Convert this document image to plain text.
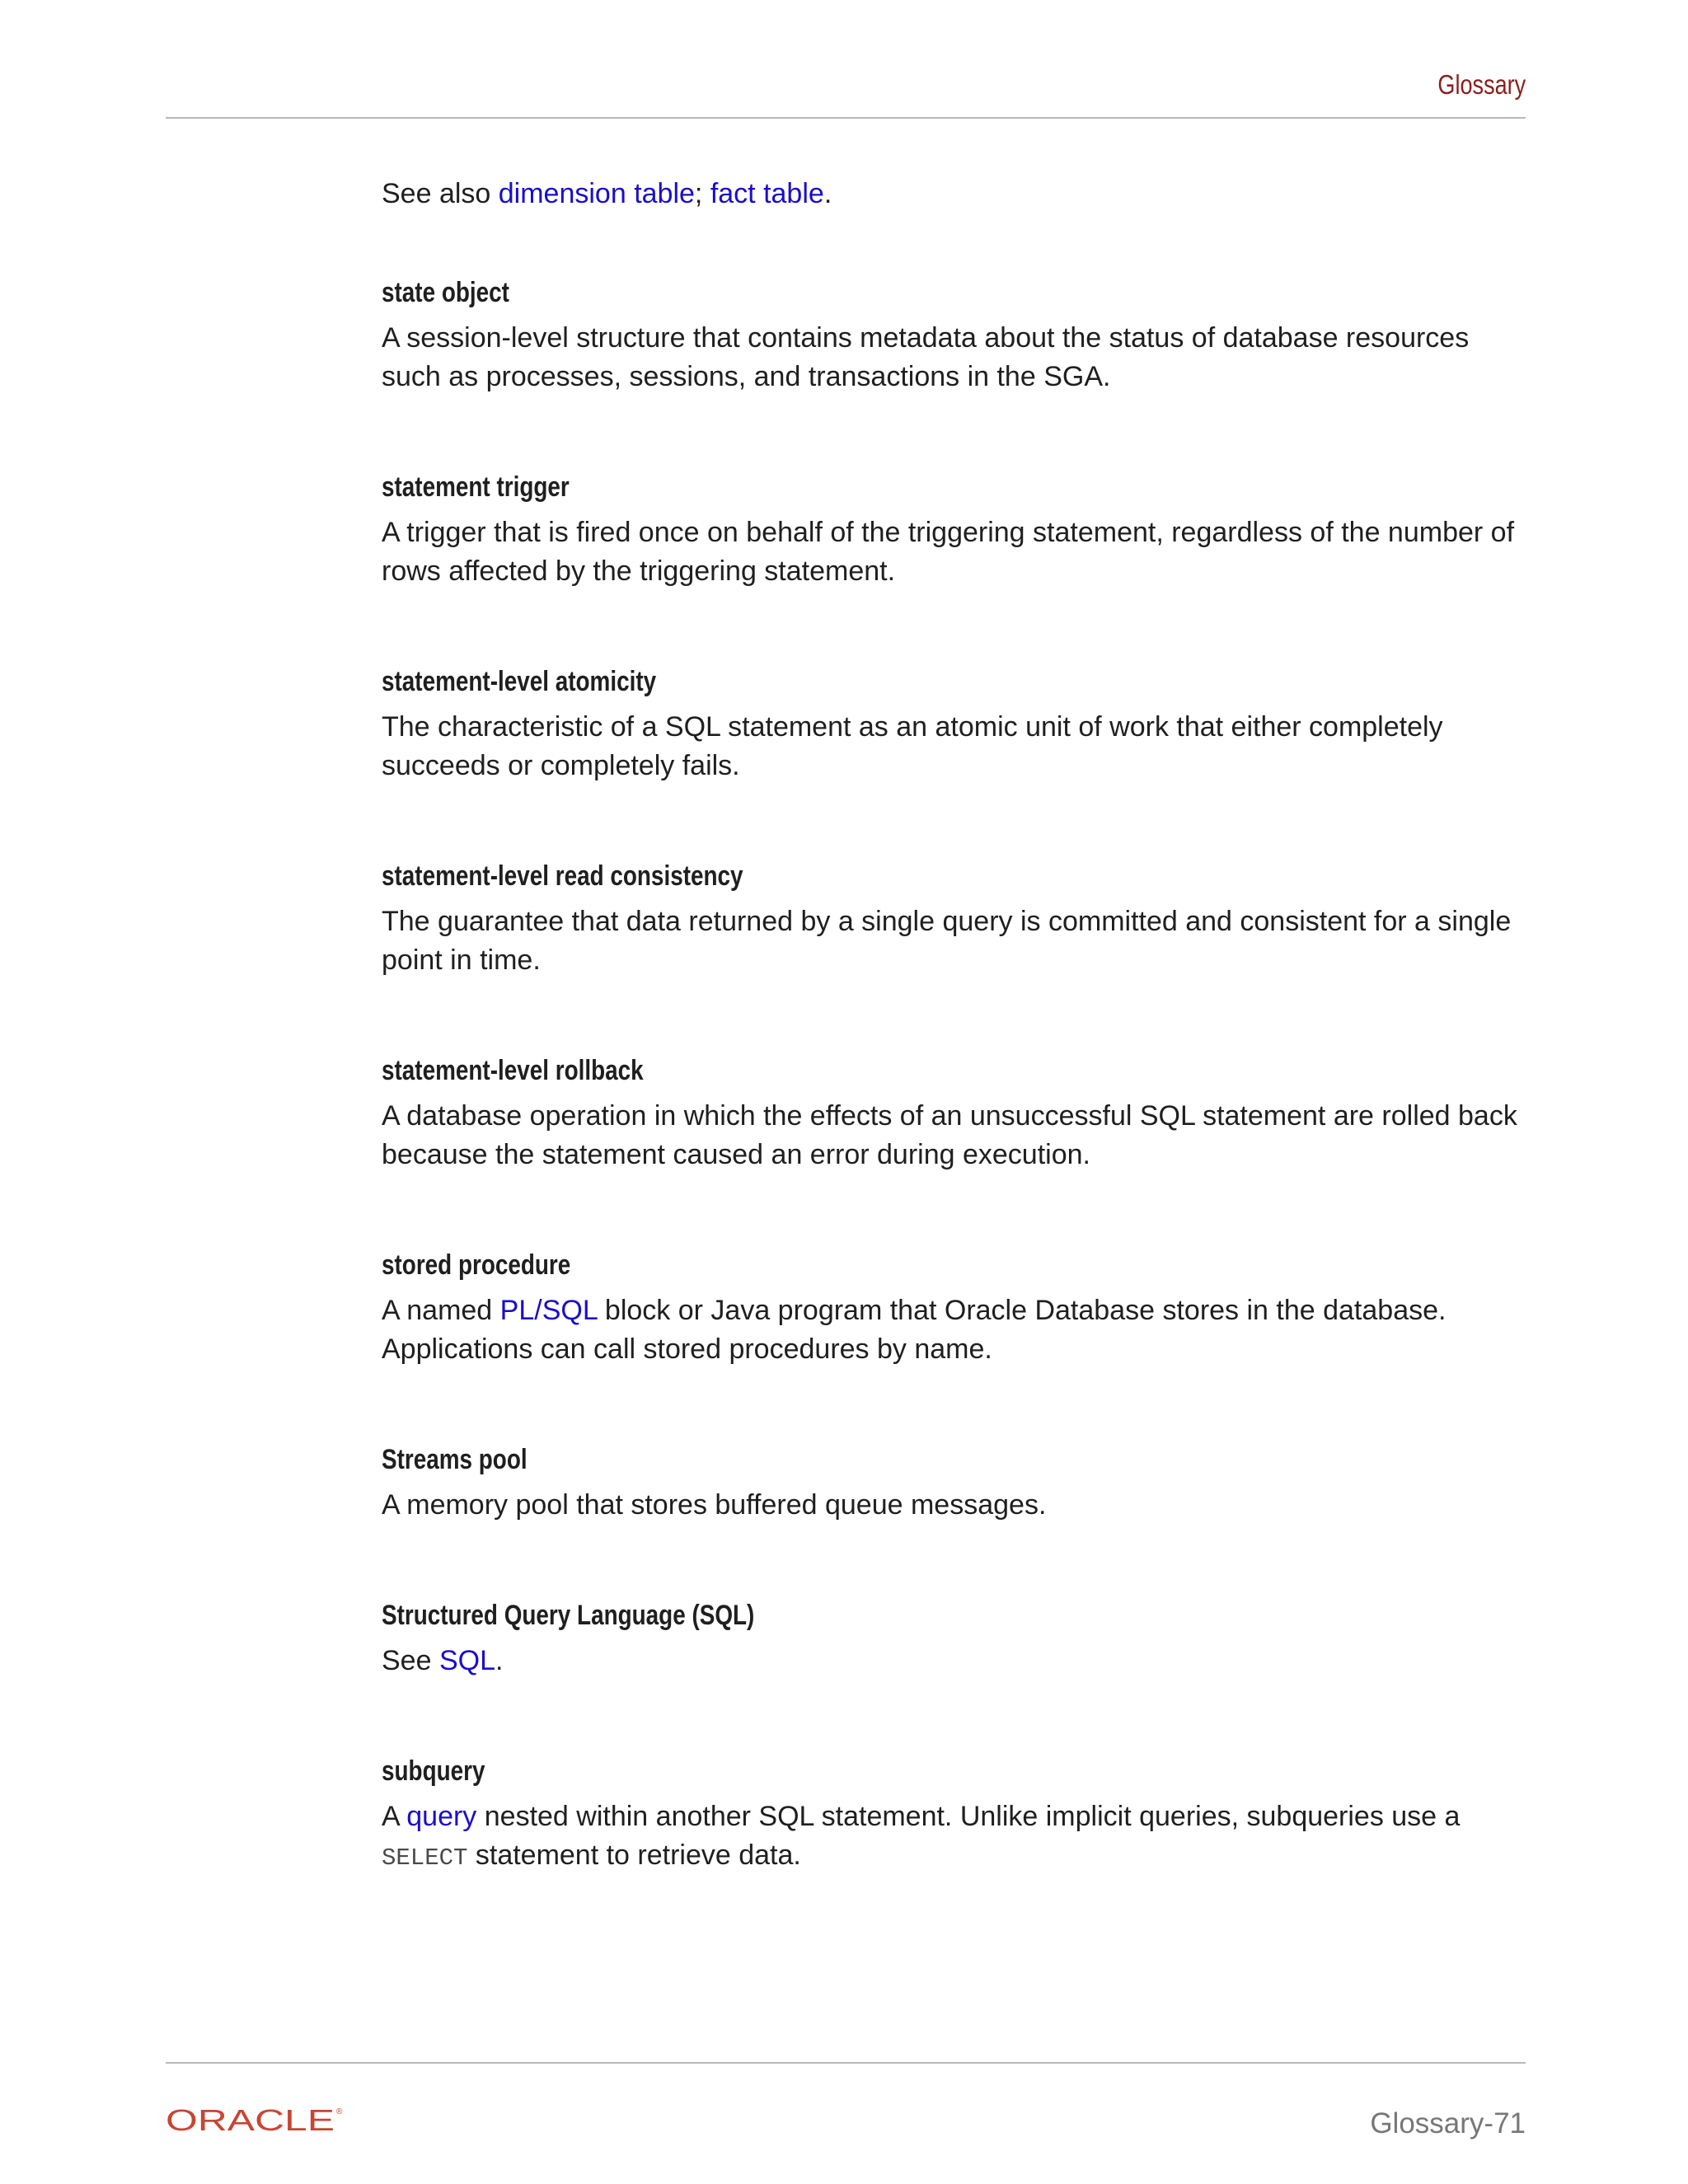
Glossary

See also dimension table; fact table.

state object
A session-level structure that contains metadata about the status of database resources such as processes, sessions, and transactions in the SGA.
statement trigger
A trigger that is fired once on behalf of the triggering statement, regardless of the number of rows affected by the triggering statement.
statement-level atomicity
The characteristic of a SQL statement as an atomic unit of work that either completely succeeds or completely fails.
statement-level read consistency
The guarantee that data returned by a single query is committed and consistent for a single point in time.
statement-level rollback
A database operation in which the effects of an unsuccessful SQL statement are rolled back because the statement caused an error during execution.
stored procedure
A named PL/SQL block or Java program that Oracle Database stores in the database. Applications can call stored procedures by name.
Streams pool
A memory pool that stores buffered queue messages.
Structured Query Language (SQL)
See SQL.
subquery
A query nested within another SQL statement. Unlike implicit queries, subqueries use a SELECT statement to retrieve data.
ORACLE ®	Glossary-71
